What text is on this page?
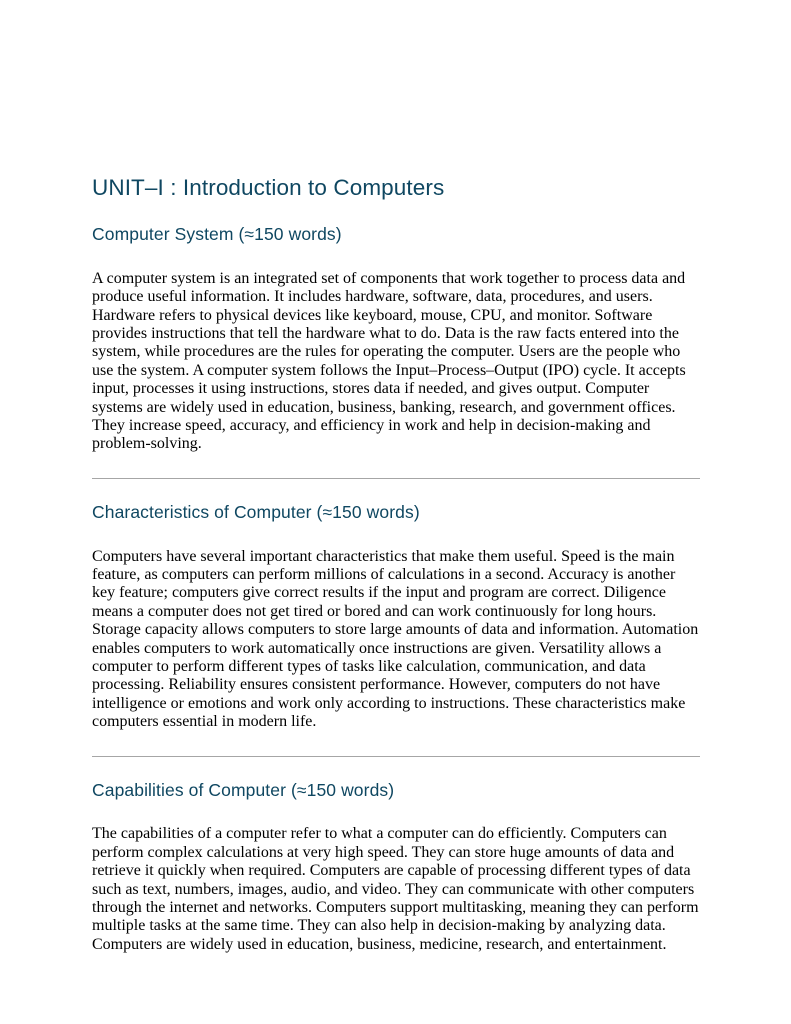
UNIT–I : Introduction to Computers
Computer System (≈150 words)

A computer system is an integrated set of components that work together to process data and produce useful information. It includes hardware, software, data, procedures, and users. Hardware refers to physical devices like keyboard, mouse, CPU, and monitor. Software provides instructions that tell the hardware what to do. Data is the raw facts entered into the system, while procedures are the rules for operating the computer. Users are the people who use the system. A computer system follows the Input–Process–Output (IPO) cycle. It accepts input, processes it using instructions, stores data if needed, and gives output. Computer systems are widely used in education, business, banking, research, and government offices. They increase speed, accuracy, and efficiency in work and help in decision-making and problem-solving.

Characteristics of Computer (≈150 words)

Computers have several important characteristics that make them useful. Speed is the main feature, as computers can perform millions of calculations in a second. Accuracy is another key feature; computers give correct results if the input and program are correct. Diligence means a computer does not get tired or bored and can work continuously for long hours. Storage capacity allows computers to store large amounts of data and information. Automation enables computers to work automatically once instructions are given. Versatility allows a computer to perform different types of tasks like calculation, communication, and data processing. Reliability ensures consistent performance. However, computers do not have intelligence or emotions and work only according to instructions. These characteristics make computers essential in modern life.

Capabilities of Computer (≈150 words)

The capabilities of a computer refer to what a computer can do efficiently. Computers can perform complex calculations at very high speed. They can store huge amounts of data and retrieve it quickly when required. Computers are capable of processing different types of data such as text, numbers, images, audio, and video. They can communicate with other computers through the internet and networks. Computers support multitasking, meaning they can perform multiple tasks at the same time. They can also help in decision-making by analyzing data. Computers are widely used in education, business, medicine, research, and entertainment.
